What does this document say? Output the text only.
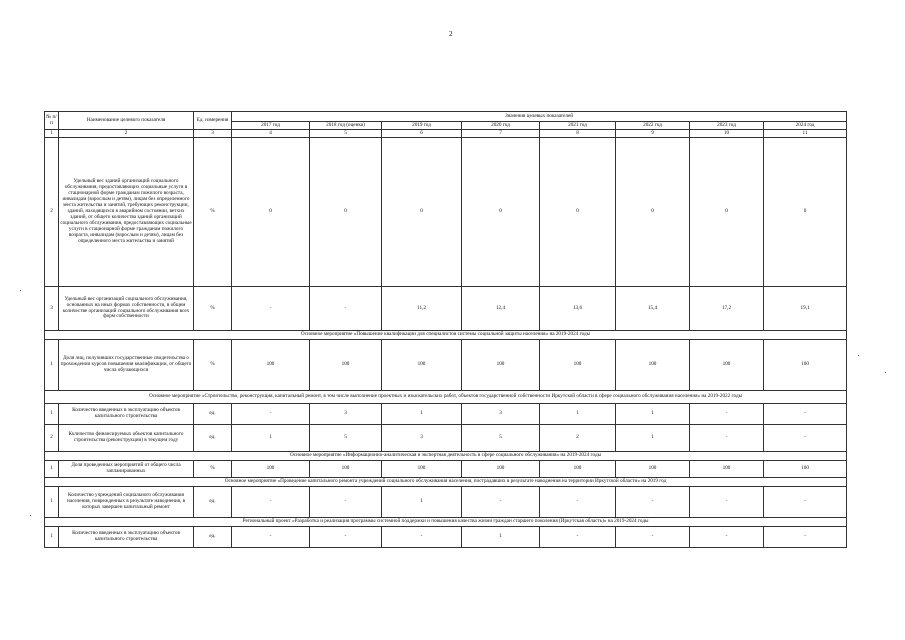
2
№ п/п	Наименование целевого показателя	Ед. измерения	Значения целевых показателей							
			2017 год	2018 год (оценка)	2019 год	2020 год	2021 год	2022 год	2023 год	2024 год
1	2	3	4	5	6	7	8	9	10	11
2	Удельный вес зданий организаций социального обслуживания, предоставляющих социальные услуги в стационарной форме гражданам пожилого возраста, инвалидам (взрослым и детям), лицам без определенного места жительства и занятий, требующих реконструкции, зданий, находящихся в аварийном состоянии, ветхих зданий, от общего количества зданий организаций социального обслуживания, предоставляющих социальные услуги в стационарной форме гражданам пожилого возраста, инвалидам (взрослым и детям), лицам без определенного места жительства и занятий	%	0	0	0	0	0	0	0	0
3	Удельный вес организаций социального обслуживания, основанных на иных формах собственности, в общем количестве организаций социального обслуживания всех форм собственности	%	-	-	11,2	12,4	13,6	15,4	17,2	19,1
Основное мероприятие «Повышение квалификации для специалистов системы социальной защиты населения» на 2019-2024 годы										
1	Доля лиц, получивших государственные свидетельства о прохождении курсов повышения квалификации, от общего числа обучающихся	%	100	100	100	100	100	100	100	100
Основное мероприятие «Строительство, реконструкция, капитальный ремонт, в том числе выполнение проектных и изыскательских работ, объектов государственной собственности Иркутской области в сфере социального обслуживания населения» на 2019-2022 годы										
1	Количество введенных в эксплуатацию объектов капитального строительства	ед.	-	3	1	3	1	1	-	-
2	Количество финансируемых объектов капитального строительства (реконструкции) в текущем году	ед.	1	5	3	5	2	1	-	-
Основное мероприятие «Информационно-аналитическая и экспертная деятельность в сфере социального обслуживания» на 2019-2024 годы										
1	Доля проведенных мероприятий от общего числа запланированных	%	100	100	100	100	100	100	100	100
Основное мероприятие «Проведение капитального ремонта учреждений социального обслуживания населения, пострадавших в результате наводнения на территории Иркутской области» на 2019 год										
1	Количество учреждений социального обслуживания населения, поврежденных в результате наводнения, в которых завершен капитальный ремонт	ед.	-	-	1	-	-	-	-	-
Региональный проект «Разработка и реализация программы системной поддержки и повышения качества жизни граждан старшего поколения (Иркутская область)» на 2019-2024 годы										
1	Количество введенных в эксплуатацию объектов капитального строительства	ед.	-	-	-	1	-	-	-	-
